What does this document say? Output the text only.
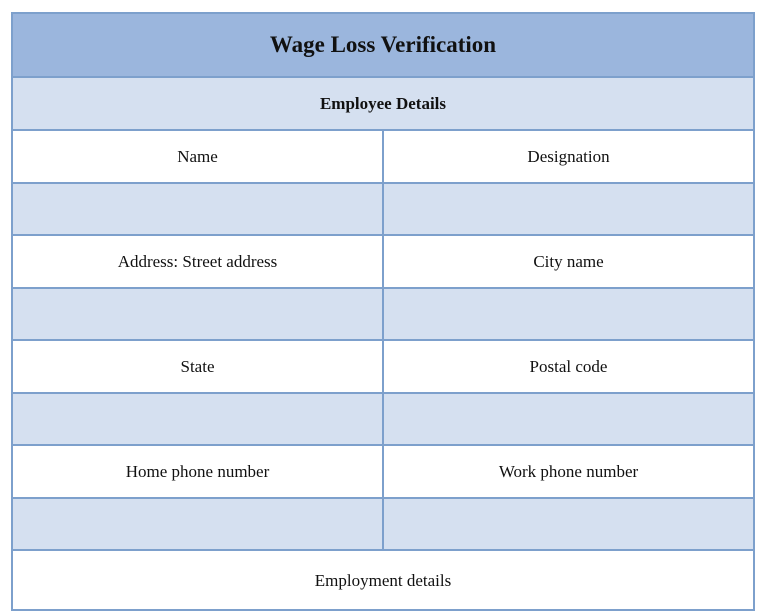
Wage Loss Verification
Employee Details
Name	Designation
Address: Street address	City name
State	Postal code
Home phone number	Work phone number
Employment details
